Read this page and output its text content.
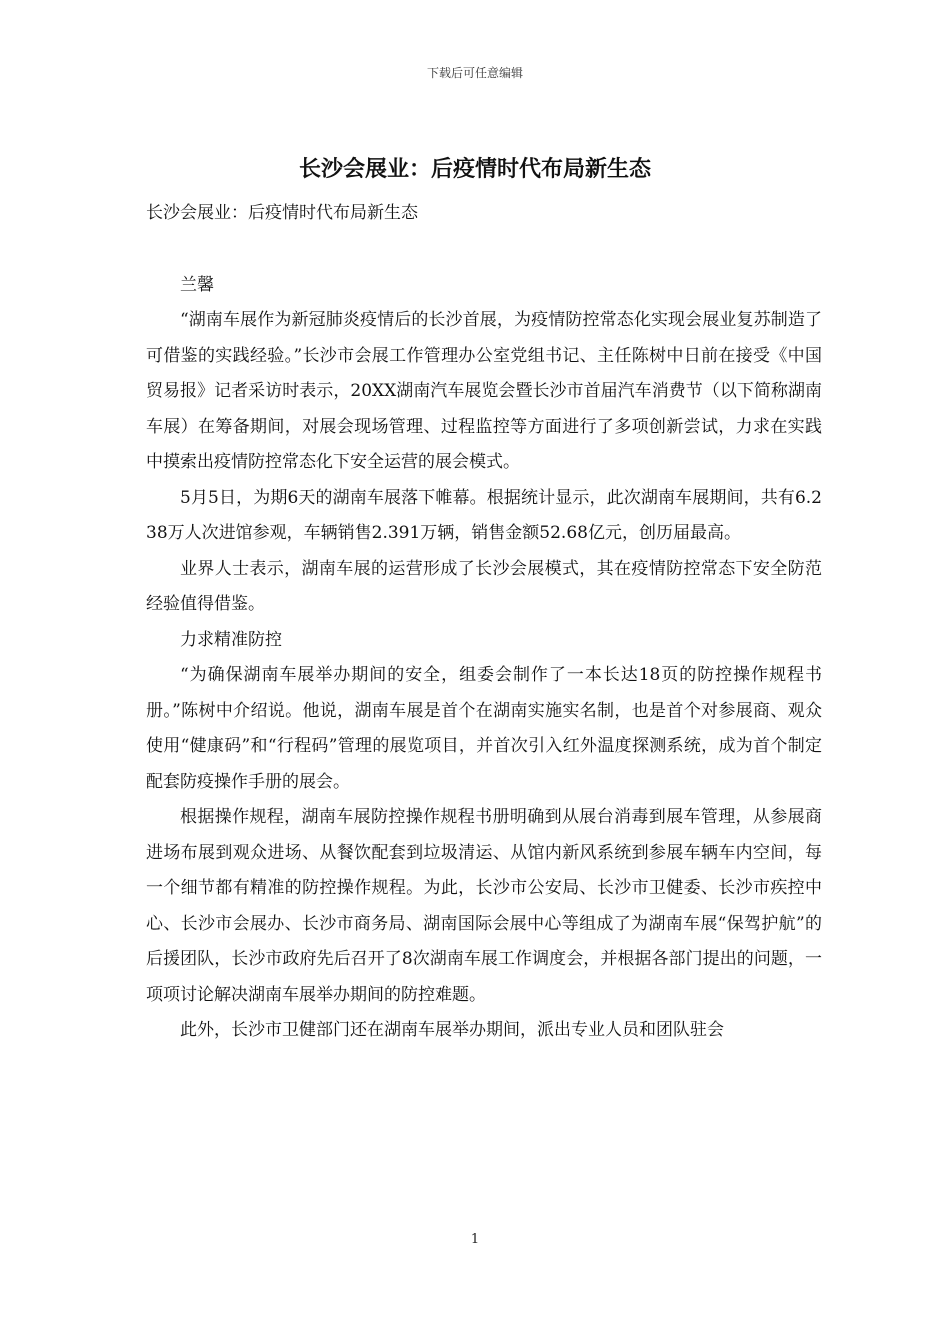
下载后可任意编辑
长沙会展业：后疫情时代布局新生态

长沙会展业：后疫情时代布局新生态

兰馨

“湖南车展作为新冠肺炎疫情后的长沙首展，为疫情防控常态化实现会展业复苏制造了可借鉴的实践经验。”长沙市会展工作管理办公室党组书记、主任陈树中日前在接受《中国贸易报》记者采访时表示，20XX湖南汽车展览会暨长沙市首届汽车消费节（以下简称湖南车展）在筹备期间，对展会现场管理、过程监控等方面进行了多项创新尝试，力求在实践中摸索出疫情防控常态化下安全运营的展会模式。

5月5日，为期6天的湖南车展落下帷幕。根据统计显示，此次湖南车展期间，共有6.238万人次进馆参观，车辆销售2.391万辆，销售金额52.68亿元，创历届最高。

业界人士表示，湖南车展的运营形成了长沙会展模式，其在疫情防控常态下安全防范经验值得借鉴。

力求精准防控

“为确保湖南车展举办期间的安全，组委会制作了一本长达18页的防控操作规程书册。”陈树中介绍说。他说，湖南车展是首个在湖南实施实名制，也是首个对参展商、观众使用“健康码”和“行程码”管理的展览项目，并首次引入红外温度探测系统，成为首个制定配套防疫操作手册的展会。

根据操作规程，湖南车展防控操作规程书册明确到从展台消毒到展车管理，从参展商进场布展到观众进场、从餐饮配套到垃圾清运、从馆内新风系统到参展车辆车内空间，每一个细节都有精准的防控操作规程。为此，长沙市公安局、长沙市卫健委、长沙市疾控中心、长沙市会展办、长沙市商务局、湖南国际会展中心等组成了为湖南车展“保驾护航”的后援团队，长沙市政府先后召开了8次湖南车展工作调度会，并根据各部门提出的问题，一项项讨论解决湖南车展举办期间的防控难题。

此外，长沙市卫健部门还在湖南车展举办期间，派出专业人员和团队驻会

1
